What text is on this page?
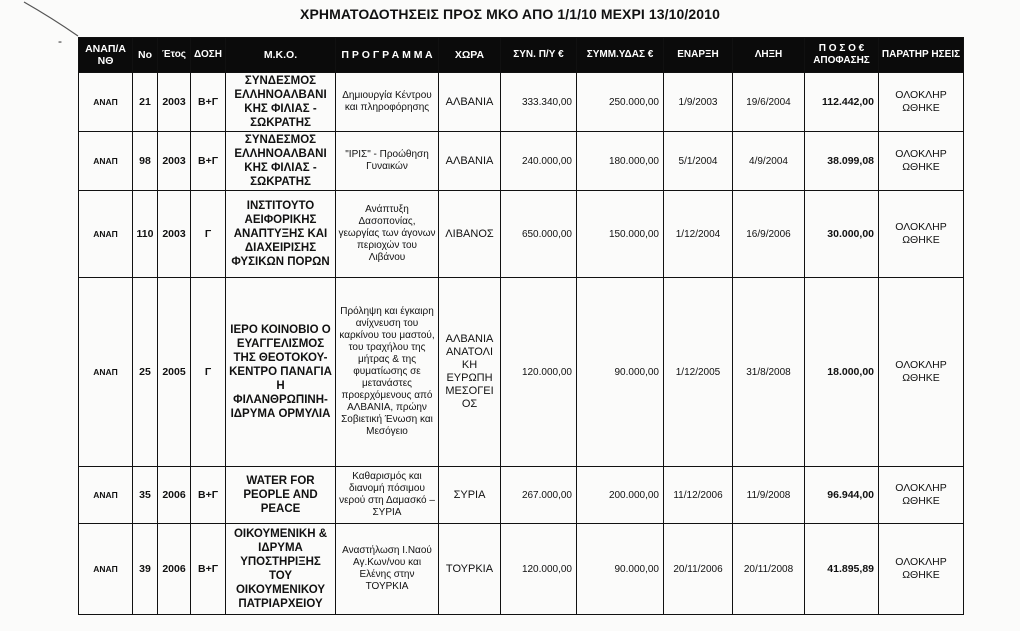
-
ΧΡΗΜΑΤΟΔΟΤΗΣΕΙΣ ΠΡΟΣ ΜΚΟ ΑΠΟ 1/1/10 ΜΕΧΡΙ 13/10/2010
ΑΝΑΠ/Α ΝΘ	Νο	Έτος	ΔΟΣΗ	Μ.Κ.Ο.	Π Ρ Ο Γ Ρ Α Μ Μ Α	ΧΩΡΑ	ΣΥΝ. Π/Υ €	ΣΥΜΜ.ΥΔΑΣ €	ΕΝΑΡΞΗ	ΛΗΞΗ	Π Ο Σ Ο € ΑΠΟΦΑΣΗΣ	ΠΑΡΑΤΗΡ ΗΣΕΙΣ
ΑΝΑΠ	21	2003	Β+Γ	ΣΥΝΔΕΣΜΟΣ ΕΛΛΗΝΟΑΛΒΑΝΙ ΚΗΣ ΦΙΛΙΑΣ - ΣΩΚΡΑΤΗΣ	Δημιουργία Κέντρου και πληροφόρησης	ΑΛΒΑΝΙΑ	333.340,00	250.000,00	1/9/2003	19/6/2004	112.442,00	ΟΛΟΚΛΗΡ ΩΘΗΚΕ
ΑΝΑΠ	98	2003	Β+Γ	ΣΥΝΔΕΣΜΟΣ ΕΛΛΗΝΟΑΛΒΑΝΙ ΚΗΣ ΦΙΛΙΑΣ - ΣΩΚΡΑΤΗΣ	"ΙΡΙΣ" - Προώθηση Γυναικών	ΑΛΒΑΝΙΑ	240.000,00	180.000,00	5/1/2004	4/9/2004	38.099,08	ΟΛΟΚΛΗΡ ΩΘΗΚΕ
ΑΝΑΠ	110	2003	Γ	ΙΝΣΤΙΤΟΥΤΟ ΑΕΙΦΟΡΙΚΗΣ ΑΝΑΠΤΥΞΗΣ ΚΑΙ ΔΙΑΧΕΙΡΙΣΗΣ ΦΥΣΙΚΩΝ ΠΟΡΩΝ	Ανάπτυξη Δασοπονίας, γεωργίας των άγονων περιοχών του Λιβάνου	ΛΙΒΑΝΟΣ	650.000,00	150.000,00	1/12/2004	16/9/2006	30.000,00	ΟΛΟΚΛΗΡ ΩΘΗΚΕ
ΑΝΑΠ	25	2005	Γ	ΙΕΡΟ ΚΟΙΝΟΒΙΟ Ο ΕΥΑΓΓΕΛΙΣΜΟΣ ΤΗΣ ΘΕΟΤΟΚΟΥ-ΚΕΝΤΡΟ ΠΑΝΑΓΙΑ Η ΦΙΛΑΝΘΡΩΠΙΝΗ-ΙΔΡΥΜΑ ΟΡΜΥΛΙΑ	Πρόληψη και έγκαιρη ανίχνευση του καρκίνου του μαστού, του τραχήλου της μήτρας & της φυματίωσης σε μετανάστες προερχόμενους από ΑΛΒΑΝΙΑ, πρώην Σοβιετική Ένωση και Μεσόγειο	ΑΛΒΑΝΙΑ ΑΝΑΤΟΛΙ ΚΗ ΕΥΡΩΠΗ ΜΕΣΟΓΕΙ ΟΣ	120.000,00	90.000,00	1/12/2005	31/8/2008	18.000,00	ΟΛΟΚΛΗΡ ΩΘΗΚΕ
ΑΝΑΠ	35	2006	Β+Γ	WATER FOR PEOPLE AND PEACE	Καθαρισμός και διανομή πόσιμου νερού στη Δαμασκό – ΣΥΡΙΑ	ΣΥΡΙΑ	267.000,00	200.000,00	11/12/2006	11/9/2008	96.944,00	ΟΛΟΚΛΗΡ ΩΘΗΚΕ
ΑΝΑΠ	39	2006	Β+Γ	ΟΙΚΟΥΜΕΝΙΚΗ & ΙΔΡΥΜΑ ΥΠΟΣΤΗΡΙΞΗΣ ΤΟΥ ΟΙΚΟΥΜΕΝΙΚΟΥ ΠΑΤΡΙΑΡΧΕΙΟΥ	Αναστήλωση Ι.Ναού Αγ.Κων/νου και Ελένης στην ΤΟΥΡΚΙΑ	ΤΟΥΡΚΙΑ	120.000,00	90.000,00	20/11/2006	20/11/2008	41.895,89	ΟΛΟΚΛΗΡ ΩΘΗΚΕ
